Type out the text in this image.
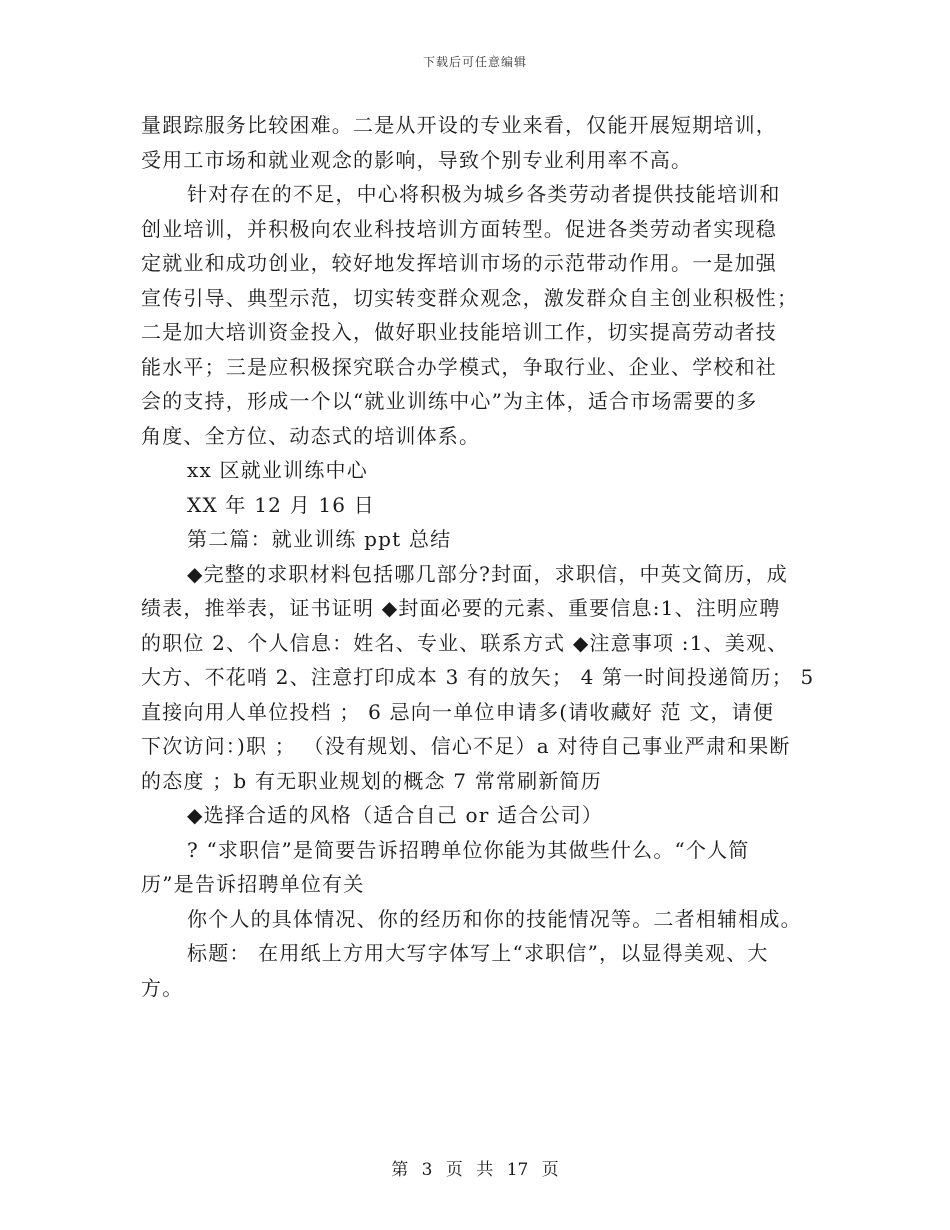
下载后可任意编辑
量跟踪服务比较困难。二是从开设的专业来看，仅能开展短期培训，
受用工市场和就业观念的影响，导致个别专业利用率不高。
针对存在的不足，中心将积极为城乡各类劳动者提供技能培训和
创业培训，并积极向农业科技培训方面转型。促进各类劳动者实现稳
定就业和成功创业，较好地发挥培训市场的示范带动作用。一是加强
宣传引导、典型示范，切实转变群众观念，激发群众自主创业积极性；
二是加大培训资金投入，做好职业技能培训工作，切实提高劳动者技
能水平；三是应积极探究联合办学模式，争取行业、企业、学校和社
会的支持，形成一个以“就业训练中心”为主体，适合市场需要的多
角度、全方位、动态式的培训体系。
xx 区就业训练中心
XX 年 12 月 16 日
第二篇：就业训练 ppt 总结
◆完整的求职材料包括哪几部分?封面，求职信，中英文简历，成
绩表，推举表，证书证明 ◆封面必要的元素、重要信息:1、注明应聘
的职位 2、个人信息：姓名、专业、联系方式 ◆注意事项 :1、美观、
大方、不花哨 2、注意打印成本 3 有的放矢； 4 第一时间投递简历； 5
直接向用人单位投档 ； 6 忌向一单位申请多(请收藏好 范 文，请便
下次访问：)职 ； （没有规划、信心不足）a 对待自己事业严肃和果断
的态度 ；b 有无职业规划的概念 7 常常刷新简历
◆选择合适的风格（适合自己 or 适合公司）
? “求职信”是简要告诉招聘单位你能为其做些什么。“个人简
历”是告诉招聘单位有关
你个人的具体情况、你的经历和你的技能情况等。二者相辅相成。
标题： 在用纸上方用大写字体写上“求职信”，以显得美观、大
方。
第 3 页 共 17 页
